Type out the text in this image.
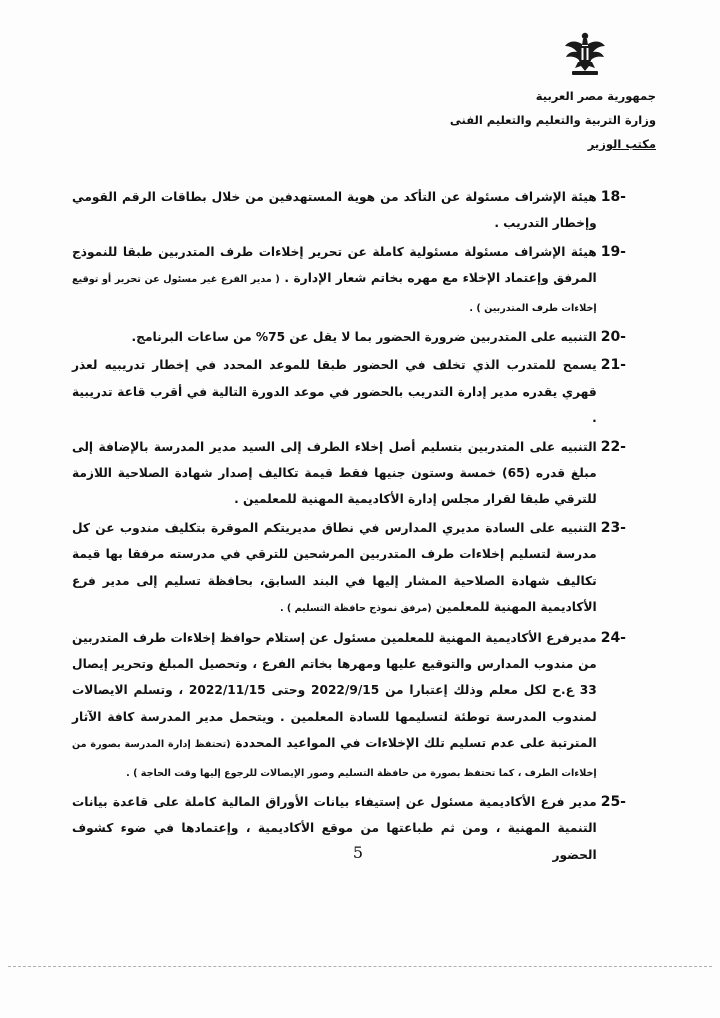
جمهورية مصر العربية
وزارة التربية والتعليم والتعليم الفنى
مكتب الوزير
18-
هيئة الإشراف مسئولة عن التأكد من هوية المستهدفين من خلال بطاقات الرقم القومي وإخطار التدريب .
19-
هيئة الإشراف مسئولة مسئولية كاملة عن تحرير إخلاءات طرف المتدربين طبقا للنموذج المرفق وإعتماد الإخلاء مع مهره بخاتم شعار الإدارة . ( مدير الفرع غير مسئول عن تحرير أو توقيع إخلاءات طرف المتدربين ) .
20-
التنبيه على المتدربين ضرورة الحضور بما لا يقل عن 75% من ساعات البرنامج.
21-
يسمح للمتدرب الذي تخلف في الحضور طبقا للموعد المحدد في إخطار تدريبيه لعذر قهري يقدره مدير إدارة التدريب بالحضور في موعد الدورة التالية في أقرب قاعة تدريبية .
22-
التنبيه على المتدربين بتسليم أصل إخلاء الطرف إلى السيد مدير المدرسة بالإضافة إلى مبلغ قدره (65) خمسة وستون جنيها فقط قيمة تكاليف إصدار شهادة الصلاحية اللازمة للترقي طبقا لقرار مجلس إدارة الأكاديمية المهنية للمعلمين .
23-
التنبيه على السادة مديري المدارس في نطاق مديريتكم الموقرة بتكليف مندوب عن كل مدرسة لتسليم إخلاءات طرف المتدربين المرشحين للترقي في مدرسته مرفقا بها قيمة تكاليف شهادة الصلاحية المشار إليها في البند السابق، بحافظة تسليم إلى مدير فرع الأكاديمية المهنية للمعلمين (مرفق نموذج حافظة التسليم ) .
24-
مديرفرع الأكاديمية المهنية للمعلمين مسئول عن إستلام حوافظ إخلاءات طرف المتدربين من مندوب المدارس والتوقيع عليها ومهرها بخاتم الفرع ، وتحصيل المبلغ وتحرير إيصال 33 ع.ح لكل معلم وذلك إعتبارا من 2022/9/15 وحتى 2022/11/15 ، وتسلم الايصالات لمندوب المدرسة توطئة لتسليمها للسادة المعلمين . ويتحمل مدير المدرسة كافة الآثار المترتبة على عدم تسليم تلك الإخلاءات في المواعيد المحددة (تحتفظ إدارة المدرسة بصورة من إخلاءات الطرف ، كما تحتفظ بصورة من حافظة التسليم وصور الإيصالات للرجوع إليها وقت الحاجة ) .
25-
مدير فرع الأكاديمية مسئول عن إستيفاء بيانات الأوراق المالية كاملة على قاعدة بيانات التنمية المهنية ، ومن ثم طباعتها من موقع الأكاديمية ، وإعتمادها في ضوء كشوف الحضور
5
